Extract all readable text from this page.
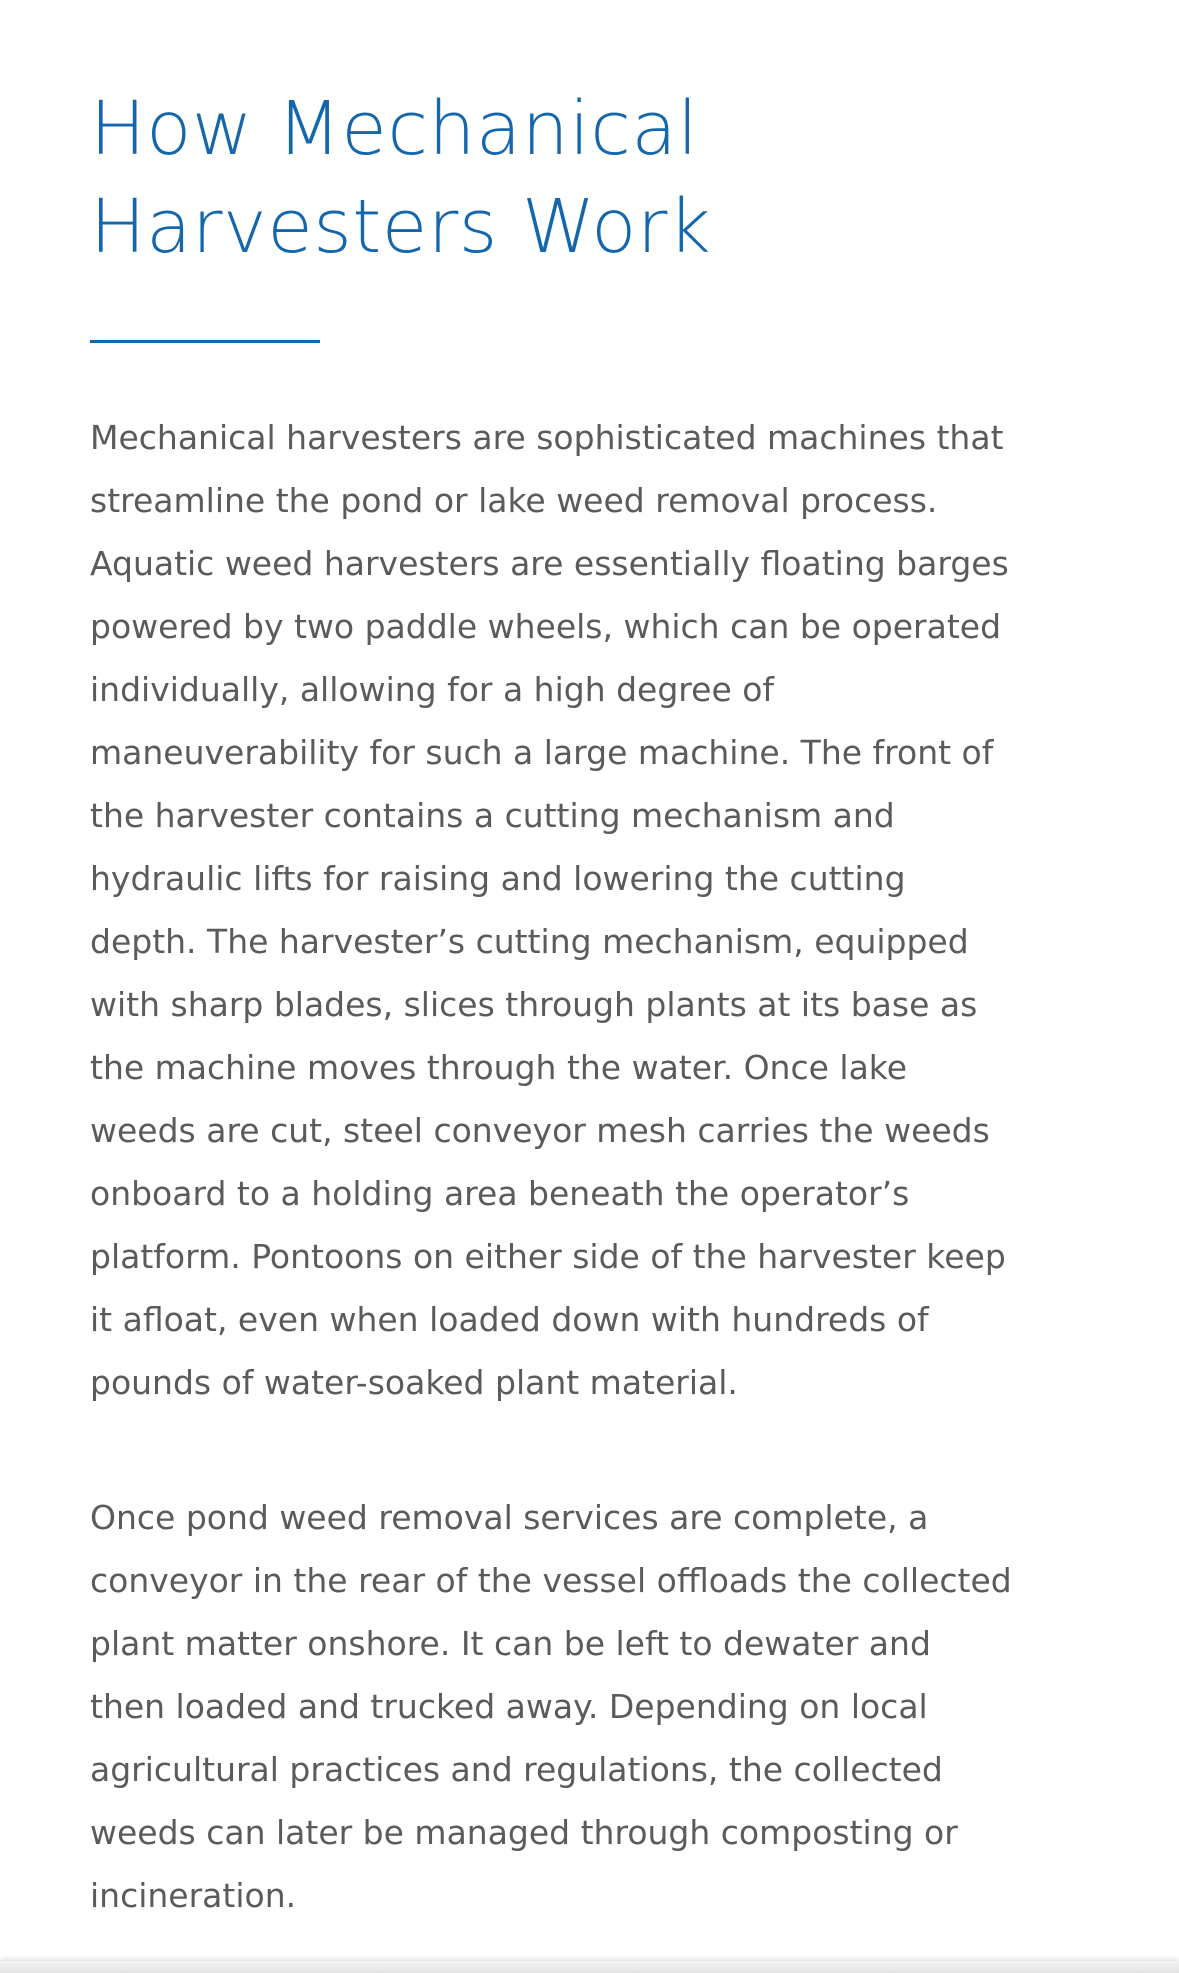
How Mechanical
Harvesters Work

Mechanical harvesters are sophisticated machines that
streamline the pond or lake weed removal process.
Aquatic weed harvesters are essentially floating barges
powered by two paddle wheels, which can be operated
individually, allowing for a high degree of
maneuverability for such a large machine. The front of
the harvester contains a cutting mechanism and
hydraulic lifts for raising and lowering the cutting
depth. The harvester’s cutting mechanism, equipped
with sharp blades, slices through plants at its base as
the machine moves through the water. Once lake
weeds are cut, steel conveyor mesh carries the weeds
onboard to a holding area beneath the operator’s
platform. Pontoons on either side of the harvester keep
it afloat, even when loaded down with hundreds of
pounds of water-soaked plant material.

Once pond weed removal services are complete, a
conveyor in the rear of the vessel offloads the collected
plant matter onshore. It can be left to dewater and
then loaded and trucked away. Depending on local
agricultural practices and regulations, the collected
weeds can later be managed through composting or
incineration.
